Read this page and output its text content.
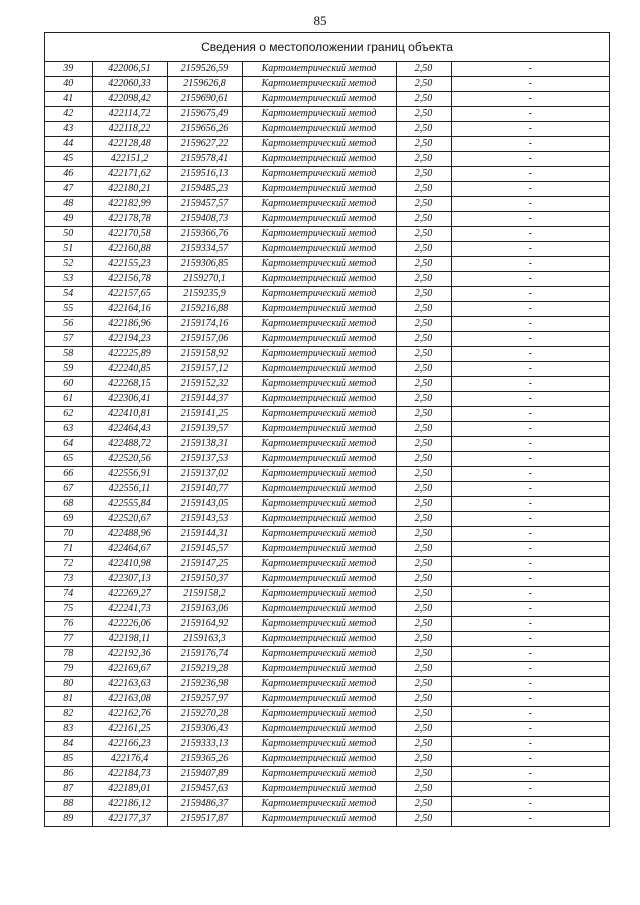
85
Сведения о местоположении границ объекта
39	422006,51	2159526,59	Картометрический метод	2,50	-
40	422060,33	2159626,8	Картометрический метод	2,50	-
41	422098,42	2159690,61	Картометрический метод	2,50	-
42	422114,72	2159675,49	Картометрический метод	2,50	-
43	422118,22	2159656,26	Картометрический метод	2,50	-
44	422128,48	2159627,22	Картометрический метод	2,50	-
45	422151,2	2159578,41	Картометрический метод	2,50	-
46	422171,62	2159516,13	Картометрический метод	2,50	-
47	422180,21	2159485,23	Картометрический метод	2,50	-
48	422182,99	2159457,57	Картометрический метод	2,50	-
49	422178,78	2159408,73	Картометрический метод	2,50	-
50	422170,58	2159366,76	Картометрический метод	2,50	-
51	422160,88	2159334,57	Картометрический метод	2,50	-
52	422155,23	2159306,85	Картометрический метод	2,50	-
53	422156,78	2159270,1	Картометрический метод	2,50	-
54	422157,65	2159235,9	Картометрический метод	2,50	-
55	422164,16	2159216,88	Картометрический метод	2,50	-
56	422186,96	2159174,16	Картометрический метод	2,50	-
57	422194,23	2159157,06	Картометрический метод	2,50	-
58	422225,89	2159158,92	Картометрический метод	2,50	-
59	422240,85	2159157,12	Картометрический метод	2,50	-
60	422268,15	2159152,32	Картометрический метод	2,50	-
61	422306,41	2159144,37	Картометрический метод	2,50	-
62	422410,81	2159141,25	Картометрический метод	2,50	-
63	422464,43	2159139,57	Картометрический метод	2,50	-
64	422488,72	2159138,31	Картометрический метод	2,50	-
65	422520,56	2159137,53	Картометрический метод	2,50	-
66	422556,91	2159137,02	Картометрический метод	2,50	-
67	422556,11	2159140,77	Картометрический метод	2,50	-
68	422555,84	2159143,05	Картометрический метод	2,50	-
69	422520,67	2159143,53	Картометрический метод	2,50	-
70	422488,96	2159144,31	Картометрический метод	2,50	-
71	422464,67	2159145,57	Картометрический метод	2,50	-
72	422410,98	2159147,25	Картометрический метод	2,50	-
73	422307,13	2159150,37	Картометрический метод	2,50	-
74	422269,27	2159158,2	Картометрический метод	2,50	-
75	422241,73	2159163,06	Картометрический метод	2,50	-
76	422226,06	2159164,92	Картометрический метод	2,50	-
77	422198,11	2159163,3	Картометрический метод	2,50	-
78	422192,36	2159176,74	Картометрический метод	2,50	-
79	422169,67	2159219,28	Картометрический метод	2,50	-
80	422163,63	2159236,98	Картометрический метод	2,50	-
81	422163,08	2159257,97	Картометрический метод	2,50	-
82	422162,76	2159270,28	Картометрический метод	2,50	-
83	422161,25	2159306,43	Картометрический метод	2,50	-
84	422166,23	2159333,13	Картометрический метод	2,50	-
85	422176,4	2159365,26	Картометрический метод	2,50	-
86	422184,73	2159407,89	Картометрический метод	2,50	-
87	422189,01	2159457,63	Картометрический метод	2,50	-
88	422186,12	2159486,37	Картометрический метод	2,50	-
89	422177,37	2159517,87	Картометрический метод	2,50	-
